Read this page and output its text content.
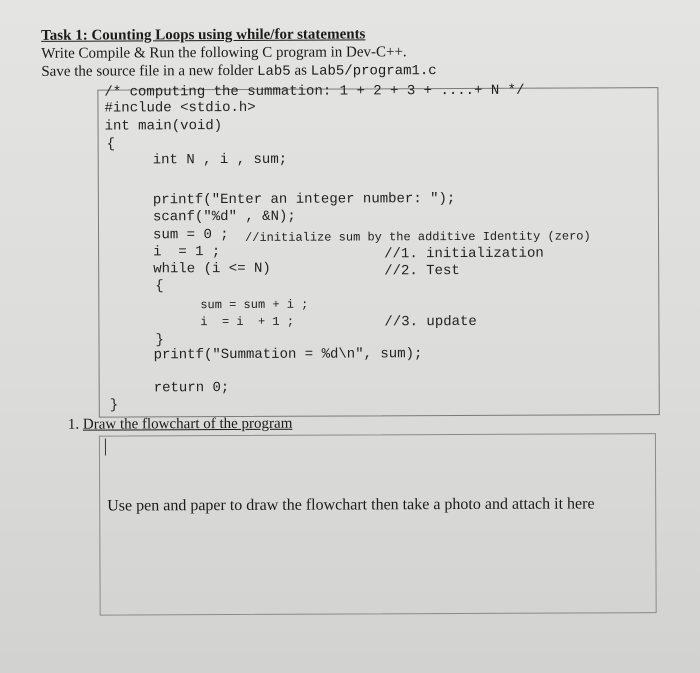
Task 1: Counting Loops using while/for statements
Write Compile & Run the following C program in Dev-C++.
Save the source file in a new folder Lab5 as Lab5/program1.c
/* computing the summation: 1 + 2 + 3 + ....+ N */
#include <stdio.h>
int main(void)
{
int N , i , sum;
printf("Enter an integer number: ");
scanf("%d" , &N);
sum = 0 ; //initialize sum by the additive Identity (zero)
i  = 1 ;	//1. initialization
while (i <= N)	//2. Test
{
sum = sum + i ;
i  = i  + 1 ;	//3. update
}
printf("Summation = %d\n", sum);
return 0;
}
1. Draw the flowchart of the program
Use pen and paper to draw the flowchart then take a photo and attach it here
